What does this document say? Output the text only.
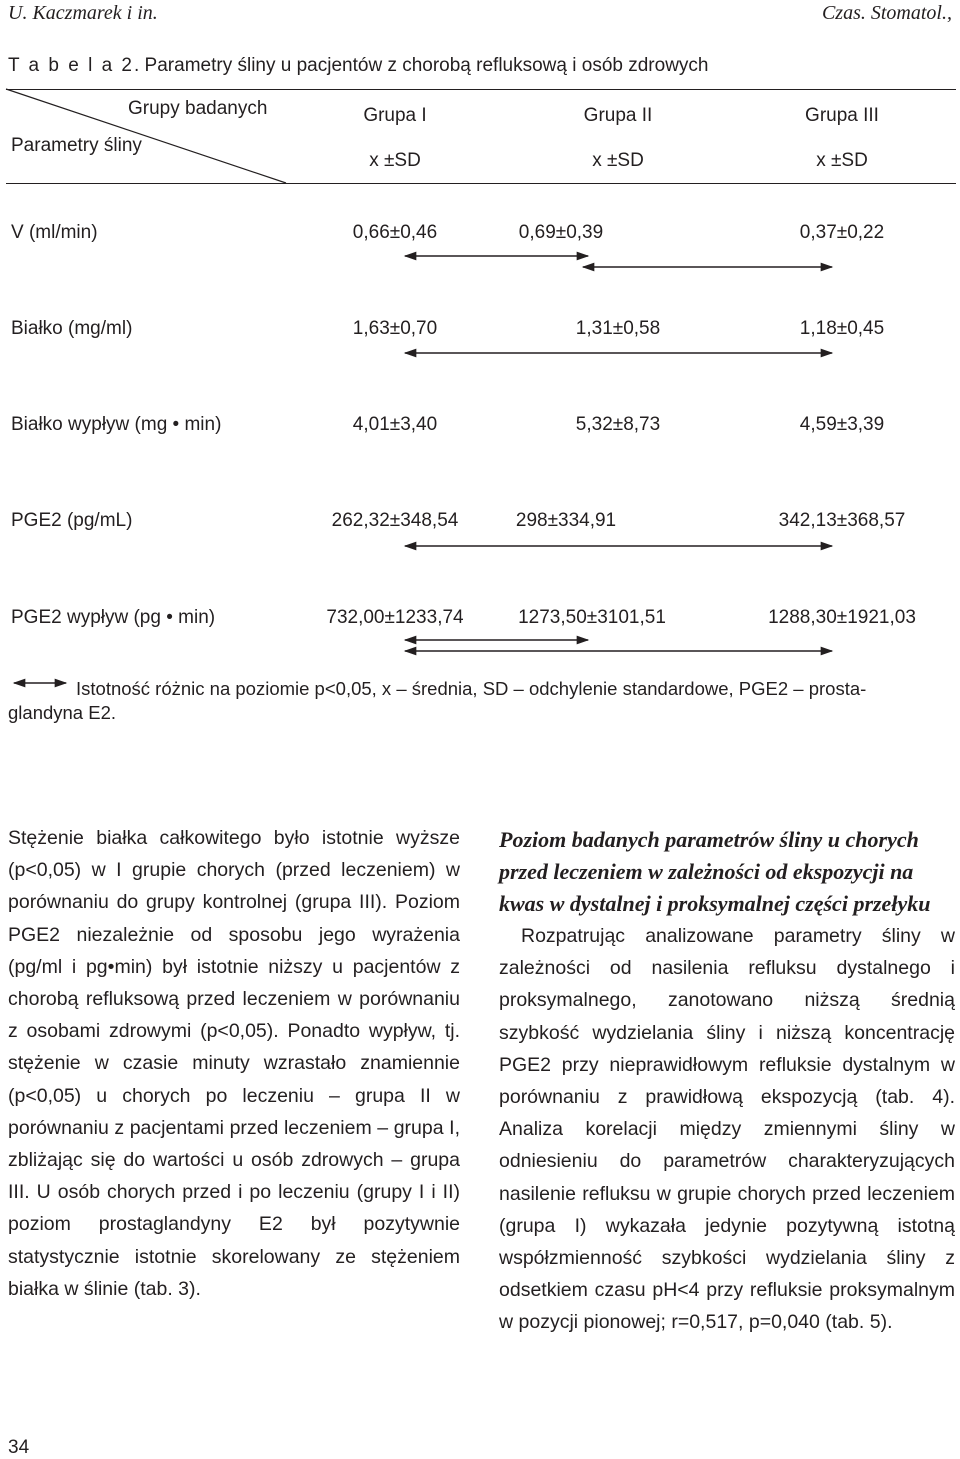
U. Kaczmarek i in.	Czas. Stomatol.,
T a b e l a 2. Parametry śliny u pacjentów z chorobą refluksową i osób zdrowych
Grupy badanych
Parametry śliny
Grupa I	Grupa II	Grupa III
x ±SD	x ±SD	x ±SD
V (ml/min)	0,66±0,46	0,69±0,39	0,37±0,22
Białko (mg/ml)	1,63±0,70	1,31±0,58	1,18±0,45
Białko wypływ (mg • min)	4,01±3,40	5,32±8,73	4,59±3,39
PGE2 (pg/mL)	262,32±348,54	298±334,91	342,13±368,57
PGE2 wypływ (pg • min)	732,00±1233,74	1273,50±3101,51	1288,30±1921,03
Istotność różnic na poziomie p<0,05, x – średnia, SD – odchylenie standardowe, PGE2 – prosta-
glandyna E2.

Stężenie białka całkowitego było istotnie wyższe (p<0,05) w I grupie chorych (przed leczeniem) w porównaniu do grupy kontrolnej (grupa III). Poziom PGE2 niezależnie od sposobu jego wyrażenia (pg/ml i pg•min) był istotnie niższy u pacjentów z chorobą refluksową przed leczeniem w porównaniu z osobami zdrowymi (p<0,05). Ponadto wypływ, tj. stężenie w czasie minuty wzrastało znamiennie (p<0,05) u chorych po leczeniu – grupa II w porównaniu z pacjentami przed leczeniem – grupa I, zbliżając się do wartości u osób zdrowych – grupa III. U osób chorych przed i po leczeniu (grupy I i II) poziom prostaglandyny E2 był pozytywnie statystycznie istotnie skorelowany ze stężeniem białka w ślinie (tab. 3).

Poziom badanych parametrów śliny u chorych przed leczeniem w zależności od ekspozycji na kwas w dystalnej i proksymalnej części przełyku

Rozpatrując analizowane parametry śliny w zależności od nasilenia refluksu dystalnego i proksymalnego, zanotowano niższą średnią szybkość wydzielania śliny i niższą koncentrację PGE2 przy nieprawidłowym refluksie dystalnym w porównaniu z prawidłową ekspozycją (tab. 4). Analiza korelacji między zmiennymi śliny w odniesieniu do parametrów charakteryzujących nasilenie refluksu w grupie chorych przed leczeniem (grupa I) wykazała jedynie pozytywną istotną współzmienność szybkości wydzielania śliny z odsetkiem czasu pH<4 przy refluksie proksymalnym w pozycji pionowej; r=0,517, p=0,040 (tab. 5).

34
